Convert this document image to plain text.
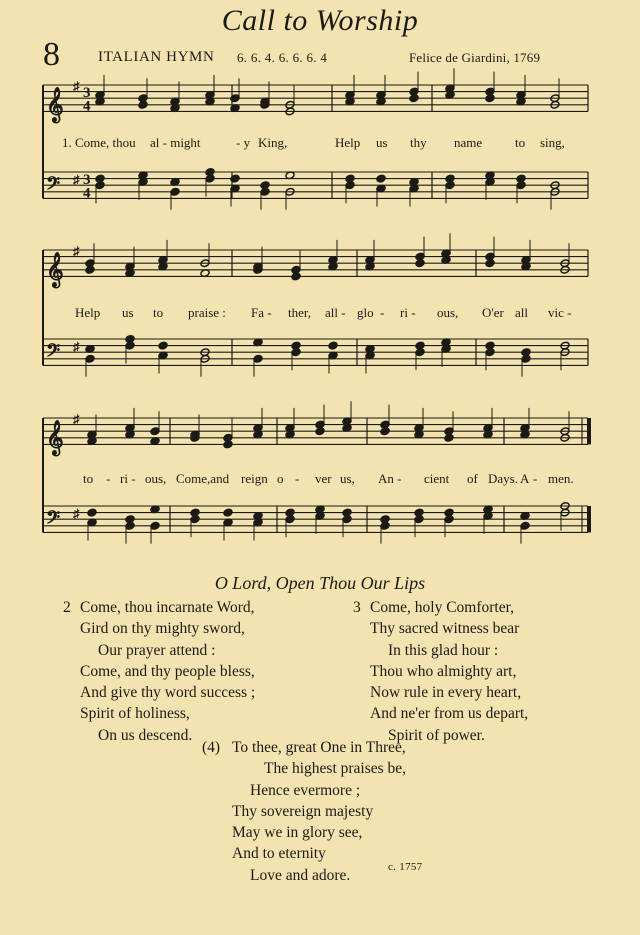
Call to Worship
8	ITALIAN HYMN 6. 6. 4. 6. 6. 6. 4	Felice de Giardini, 1769
𝄞
𝄢
♯
♯
3
4
3
4
𝄞
𝄢
♯
♯
𝄞
𝄢
♯
♯
1. Come, thou al - might	- y King,	Help us thy name	to sing,
Help us to praise : Fa - ther, all - glo - ri - ous, O'er all vic -
to - ri - ous, Come,and reign o - ver us, An - cient of Days. A - men.
O Lord, Open Thou Our Lips
2 Come, thou incarnate Word,
Gird on thy mighty sword,
Our prayer attend :
Come, and thy people bless,
And give thy word success ;
Spirit of holiness,
On us descend.
3 Come, holy Comforter,
Thy sacred witness bear
In this glad hour :
Thou who almighty art,
Now rule in every heart,
And ne'er from us depart,
Spirit of power.
(4) To thee, great One in Three,
The highest praises be,
Hence evermore ;
Thy sovereign majesty
May we in glory see,
And to eternity
Love and adore.	c. 1757
